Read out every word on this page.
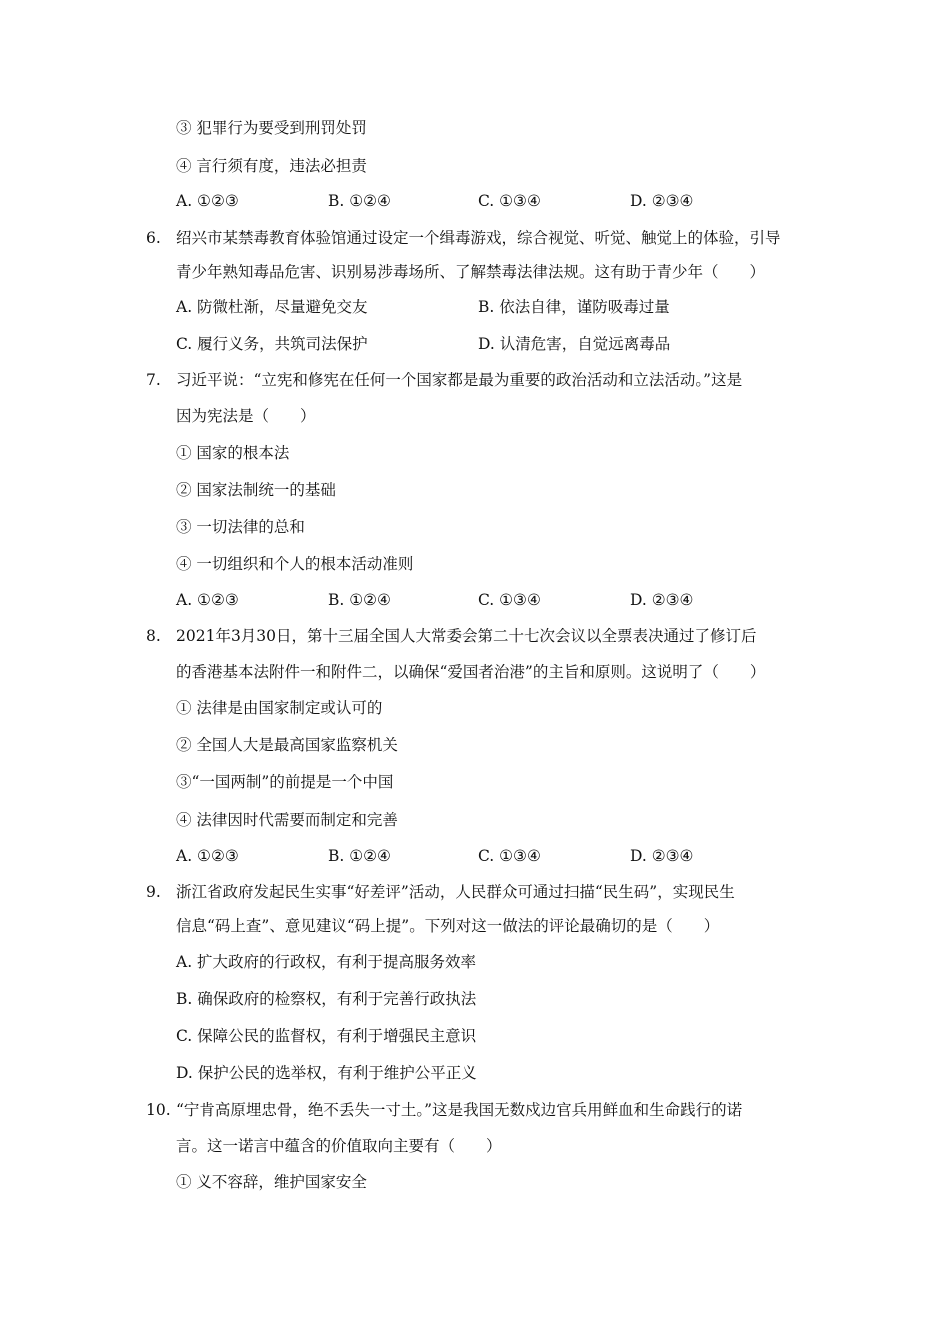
③ 犯罪行为要受到刑罚处罚
④ 言行须有度，违法必担责
A. ①②③	B. ①②④	C. ①③④	D. ②③④
6. 绍兴市某禁毒教育体验馆通过设定一个缉毒游戏，综合视觉、听觉、触觉上的体验，引导
青少年熟知毒品危害、识别易涉毒场所、了解禁毒法律法规。这有助于青少年（　　）
A. 防微杜渐，尽量避免交友	B. 依法自律，谨防吸毒过量
C. 履行义务，共筑司法保护	D. 认清危害，自觉远离毒品
7. 习近平说：“立宪和修宪在任何一个国家都是最为重要的政治活动和立法活动。”这是
因为宪法是（　　）
① 国家的根本法
② 国家法制统一的基础
③ 一切法律的总和
④ 一切组织和个人的根本活动准则
A. ①②③	B. ①②④	C. ①③④	D. ②③④
8. 2021年3月30日，第十三届全国人大常委会第二十七次会议以全票表决通过了修订后
的香港基本法附件一和附件二，以确保“爱国者治港”的主旨和原则。这说明了（　　）
① 法律是由国家制定或认可的
② 全国人大是最高国家监察机关
③“一国两制”的前提是一个中国
④ 法律因时代需要而制定和完善
A. ①②③	B. ①②④	C. ①③④	D. ②③④
9. 浙江省政府发起民生实事“好差评”活动，人民群众可通过扫描“民生码”，实现民生
信息“码上查”、意见建议“码上提”。下列对这一做法的评论最确切的是（　　）
A. 扩大政府的行政权，有利于提高服务效率
B. 确保政府的检察权，有利于完善行政执法
C. 保障公民的监督权，有利于增强民主意识
D. 保护公民的选举权，有利于维护公平正义
10. “宁肯高原埋忠骨，绝不丢失一寸土。”这是我国无数戍边官兵用鲜血和生命践行的诺
言。这一诺言中蕴含的价值取向主要有（　　）
① 义不容辞，维护国家安全
